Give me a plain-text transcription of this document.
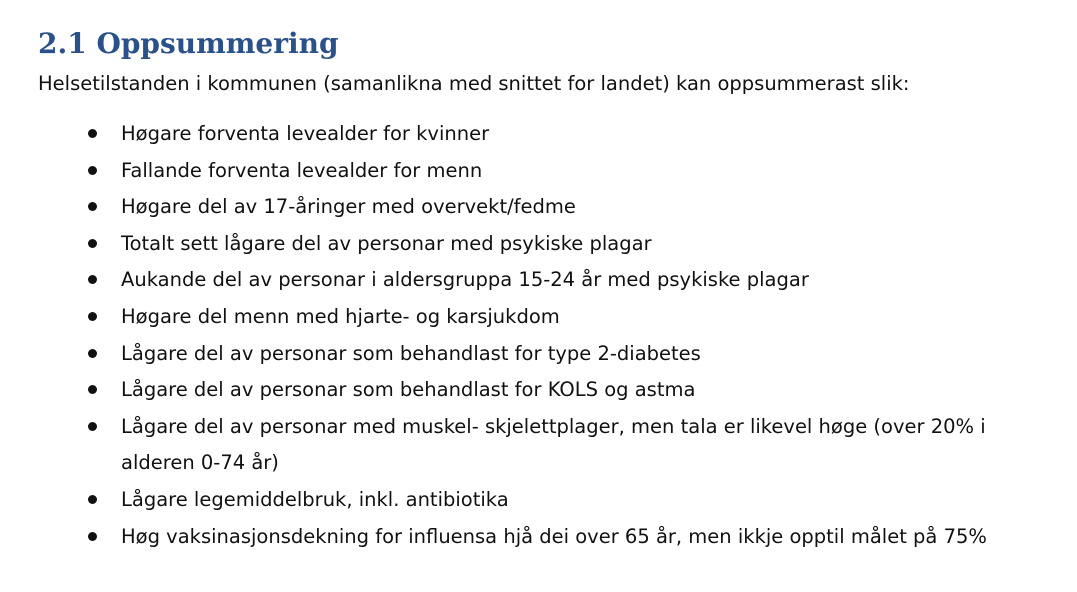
2.1 Oppsummering

Helsetilstanden i kommunen (samanlikna med snittet for landet) kan oppsummerast slik:

Høgare forventa levealder for kvinner
Fallande forventa levealder for menn
Høgare del av 17-åringer med overvekt/fedme
Totalt sett lågare del av personar med psykiske plagar
Aukande del av personar i aldersgruppa 15-24 år med psykiske plagar
Høgare del menn med hjarte- og karsjukdom
Lågare del av personar som behandlast for type 2-diabetes
Lågare del av personar som behandlast for KOLS og astma
Lågare del av personar med muskel- skjelettplager, men tala er likevel høge (over 20% i alderen 0-74 år)
Lågare legemiddelbruk, inkl. antibiotika
Høg vaksinasjonsdekning for influensa hjå dei over 65 år, men ikkje opptil målet på 75%
